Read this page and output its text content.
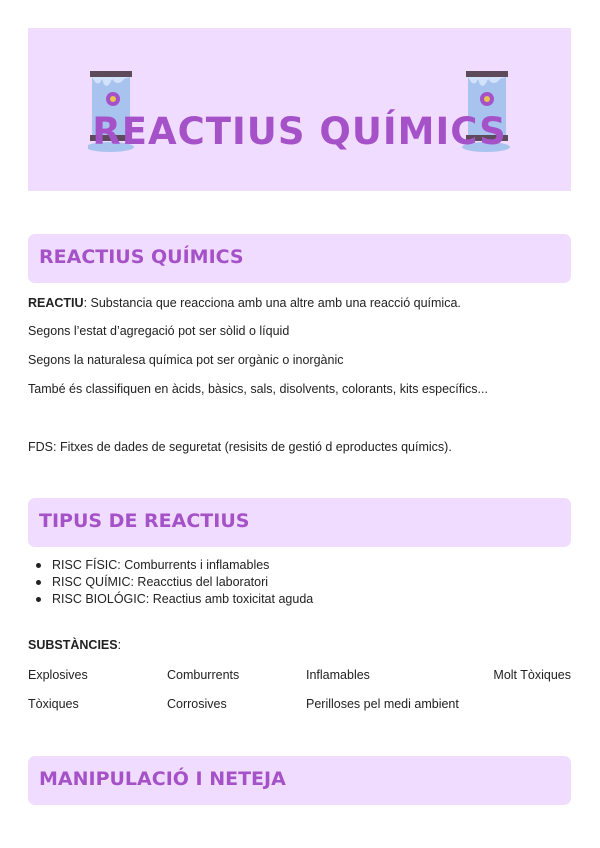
REACTIUS QUÍMICS
REACTIUS QUÍMICS
REACTIU: Substancia que reacciona amb una altre amb una reacció química.
Segons l’estat d’agregació pot ser sòlid o líquid
Segons la naturalesa química pot ser orgànic o inorgànic
També és classifiquen en àcids, bàsics, sals, disolvents, colorants, kits específics...
FDS: Fitxes de dades de seguretat (resisits de gestió d eproductes químics).
TIPUS DE REACTIUS
RISC FÍSIC: Comburrents i inflamables
RISC QUÍMIC: Reacctius del laboratori
RISC BIOLÓGIC: Reactius amb toxicitat aguda
SUBSTÀNCIES:
Explosives	Comburrents	Inflamables	Molt Tòxiques
Tòxiques	Corrosives	Perilloses pel medi ambient
MANIPULACIÓ I NETEJA
